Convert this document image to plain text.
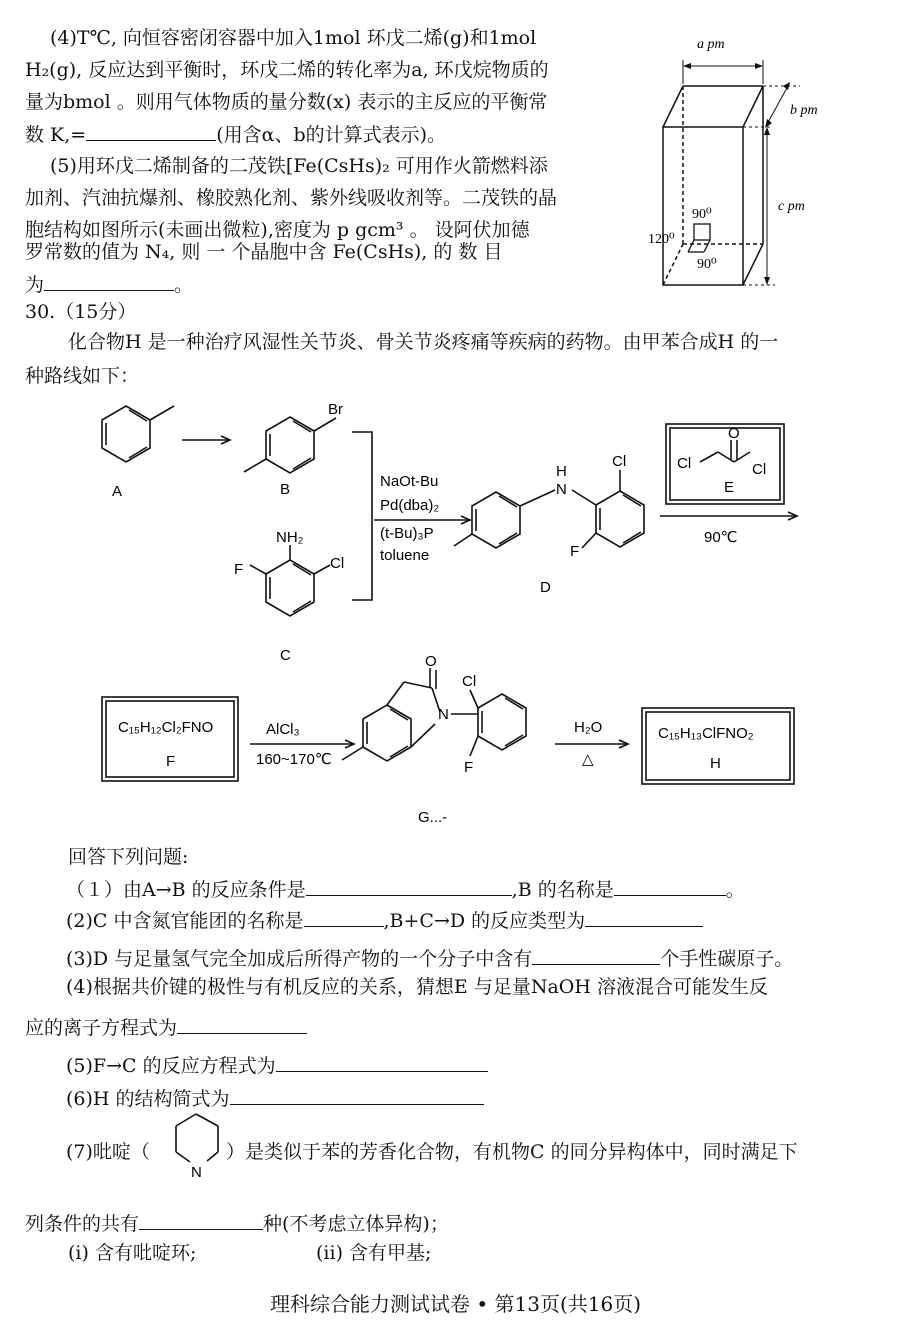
(4)T℃, 向恒容密闭容器中加入1mol 环戊二烯(g)和1mol
H₂(g), 反应达到平衡时，环戊二烯的转化率为a, 环戊烷物质的
量为bmol 。则用气体物质的量分数(x) 表示的主反应的平衡常
数 K,=	(用含α、b的计算式表示)。
(5)用环戊二烯制备的二茂铁[Fe(CsHs)₂ 可用作火箭燃料添
加剂、汽油抗爆剂、橡胶熟化剂、紫外线吸收剂等。二茂铁的晶
胞结构如图所示(未画出微粒),密度为 p gcm³ 。 设阿伏加德
罗常数的值为 N₄, 则 一 个晶胞中含 Fe(CsHs), 的 数 目
为	。
a pm
b pm
c pm
90⁰
120⁰
90⁰
30.（15分）
化合物H 是一种治疗风湿性关节炎、骨关节炎疼痛等疾病的药物。由甲苯合成H 的一
种路线如下：
A	B
Br
C
NH₂
Cl
F
NaOt-Bu
Pd(dba)₂
(t-Bu)₃P
toluene
H
N
Cl
F
D
Cl	Cl
O
E
90℃
C₁₅H₁₂Cl₂FNO
F
AlCl₃
160~170℃
O
N
Cl
F
G...-
H₂O
△
C₁₅H₁₃ClFNO₂
H
N
回答下列问题:
（１）由A→B 的反应条件是	,B 的名称是	。
(2)C 中含氮官能团的名称是	,B+C→D 的反应类型为
(3)D 与足量氢气完全加成后所得产物的一个分子中含有	个手性碳原子。
(4)根据共价键的极性与有机反应的关系，猜想E 与足量NaOH 溶液混合可能发生反
应的离子方程式为
(5)F→C 的反应方程式为
(6)H 的结构简式为
(7)吡啶（	）是类似于苯的芳香化合物，有机物C 的同分异构体中，同时满足下
列条件的共有	种(不考虑立体异构)；
(i) 含有吡啶环;	(ii) 含有甲基;
理科综合能力测试试卷 • 第13页(共16页)
